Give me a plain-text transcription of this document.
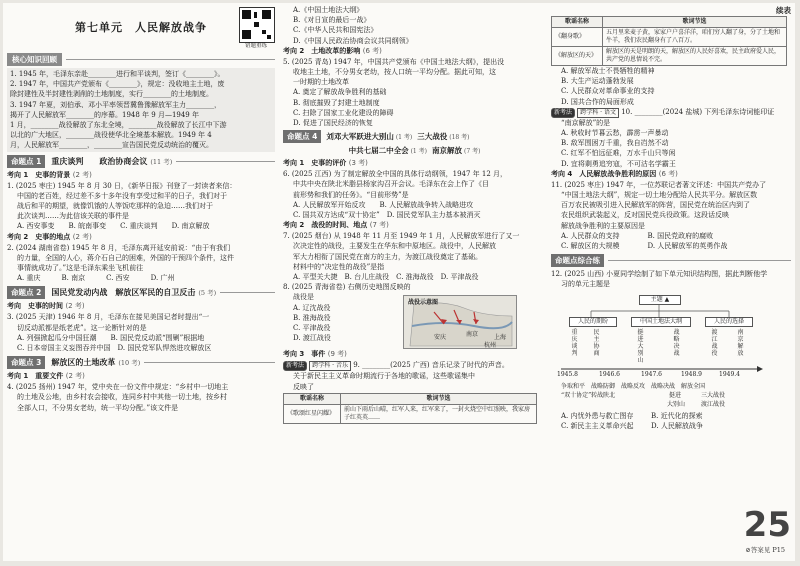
第七单元　人民解放战争
错题重练
核心知识回顾
1. 1945 年，毛泽东亲赴________进行和平谈判，签订《________》。
2. 1947 年，中国共产党颁布《________》，规定：没收地主土地，废
除封建性及半封建性剥削的土地制度，实行________的土地制度。
3. 1947 年夏，刘伯承、邓小平率领晋冀鲁豫解放军主力________，
揭开了人民解放军________的序幕。1948 年 9 月—1949 年
1 月，________战役解放了东北全境，________战役解放了长江中下游
以北的广大地区，________战役使华北全境基本解放。1949 年 4
月，人民解放军________，________宣告国民党反动统治的覆灭。
命题点 1	重庆谈判　　政治协商会议 (11 考)
考向 1　史事的背景 (2 考)
1. (2025 枣庄) 1945 年 8 月 30 日，《新华日报》刊登了一封读者来信：
中国的老百姓，经过差不多十多年没有享受过和平的日子，我们对于
战后和平的期望，就像饥饿的人等饭吃那样的急迫……我们对于
此次谈判……为此信该关联的事件是
A. 西安事变　　B. 皖南事变　　C. 重庆谈判　　D. 南京解放
考向 2　史事的地点 (2 考)
2. (2024 湖南省卷) 1945 年 8 月，毛泽东离开延安前说：“由于有我们
的力量，全国的人心，蒋介石自己的困难，外国的干预四个条件，这件
事情就成功了。”这是毛泽东乘坐飞机前往
A. 重庆　　　B. 南京　　　C. 西安　　　D. 广州
命题点 2	国民党发动内战　解放区军民的自卫反击 (5 考)
考向　史事的时间 (2 考)
3. (2025 天津) 1946 年 8 月，毛泽东在接见美国记者时提出“一
切反动派都是纸老虎”。这一论断针对的是
A. 列强掀起瓜分中国狂潮　　B. 国民党反动派“围剿”根据地
C. 日本帝国主义妄图吞并中国　D. 国民党军队悍然进攻解放区
命题点 3	解放区的土地改革 (10 考)
考向 1　重要文件 (2 考)
4. (2025 扬州) 1947 年，党中央在一份文件中规定：“乡村中一切地主
的土地及公地，由乡村农会接收，连同乡村中其他一切土地，按乡村
全部人口，不分男女老幼，统一平均分配。”该文件是
A.《中国土地法大纲》
B.《对日宣的最后一战》
C.《中华人民共和国宪法》
D.《中国人民政治协商会议共同纲领》
考向 2　土地改革的影响 (6 考)
5. (2025 青岛) 1947 年，中国共产党颁布《中国土地法大纲》，提出没
收地主土地，不分男女老幼，按人口统一平均分配。据此可知，这
一时期的土地改革
A. 奠定了解放战争胜利的基础
B. 彻底摧毁了封建土地制度
C. 扫除了国家工业化建设的障碍
D. 促进了国民经济的恢复
命题点 4	刘邓大军跃进大别山 (1 考) 三大战役 (18 考)
中共七届二中全会 (1 考) 南京解放 (7 考)
考向 1　史事的评价 (3 考)
6. (2025 江西) 为了制定解放全中国的具体行动纲领，1947 年 12 月，
中共中央在陕北米脂县杨家沟召开会议。毛泽东在会上作了《目
前形势和我们的任务》。“目前形势”是
A. 人民解放军开始反攻　　B. 人民解放战争转入战略进攻
C. 国共双方达成“双十协定”　D. 国民党军队主力基本被消灭
考向 2　战役的时间、地点 (7 考)
7. (2025 烟台) 从 1948 年 11 月至 1949 年 1 月，人民解放军进行了又一
次决定性的战役，主要发生在华东和中原地区。战役中，人民解放
军大力相衔了国民党在南方的主力，为渡江战役奠定了基础。
材料中的“决定性的战役”是指
A. 平型关大捷　B. 台儿庄战役　C. 淮海战役　D. 平津战役
8. (2025 青海省卷) 右侧历史地图反映的
战役是
A. 辽沈战役
B. 淮海战役
C. 平津战役
D. 渡江战役
战役示意图
南京	上海
杭州
安庆
考向 3　事件 (9 考)
新考法 跨学科 · 音乐 9. ________(2025 广西) 音乐记录了时代的声音。
关于新民主主义革命时期流行于各地的歌谣，这些歌谣集中
反映了
歌谣名称	歌词节选
《歌颂红星闪耀》	前山下雨后山晴，红军人来，红军来了，一封火烧空中红照映，我家房子红英英……
续表
歌谣名称	歌词节选
《翻身歌》	五月里来麦子黄，家家户户喜洋洋，咱们穷人翻了身，分了土地和牛羊，我们农民翻身有了八百万。
《解放区的天》	解放区的天是明朗的天，解放区的人民好喜欢，民主政府爱人民，共产党的恩情说不完。
A. 解放军战士不畏牺牲的精神
B. 大生产运动蓬勃发展
C. 人民群众对革命事业的支持
D. 国共合作的局面形成
新考法 跨学科 · 语文 10. ________(2024 盐城) 下列毛泽东诗词能印证
“南京解放”的是
A. 秋收时节暮云愁，霹雳一声暴动
B. 敌军围困万千重，我自岿然不动
C. 红军不怕远征难，万水千山只等闲
D. 宜将剩勇追穷寇，不可沽名学霸王
考向 4　人民解放战争胜利的原因 (6 考)
11. (2025 枣庄) 1947 年，一位苏联记者著文评述：中国共产党办了
“中国土地法大纲”，规定一切土地分配给人民共平分。解放区数
百万农民被吸引进入民解放军的阵营，国民党在统治区内到了
农民组织武装起义，反对国民党兵役政策。这段话反映
解放战争胜利的主要原因是
A. 人民群众的支持　　　　B. 国民党政府的腐败
C. 解放区的大规模　　　　D. 人民解放军的英勇作战
命题点综合练
12. (2025 山西) 小夏同学绘制了如下单元知识结构图，据此判断他学
习的单元主题是
主题 ▲
人民的期盼	中国土地法大纲	人民的选择
重庆谈判
民主协商
挺进大别山
战略决战
渡江战役
南京解放
1945.8	1946.6	1947.6	1948.9	1949.4
争取和平　战略防御　战略反攻　战略决战　解放全国
“双十协定”转战陕北	挺进	三大战役
大别山	渡江战役
A. 内忧外患与救亡图存	B. 近代化的探索
C. 新民主主义革命兴起	D. 人民解放战争
25
⊘答案见 P15
